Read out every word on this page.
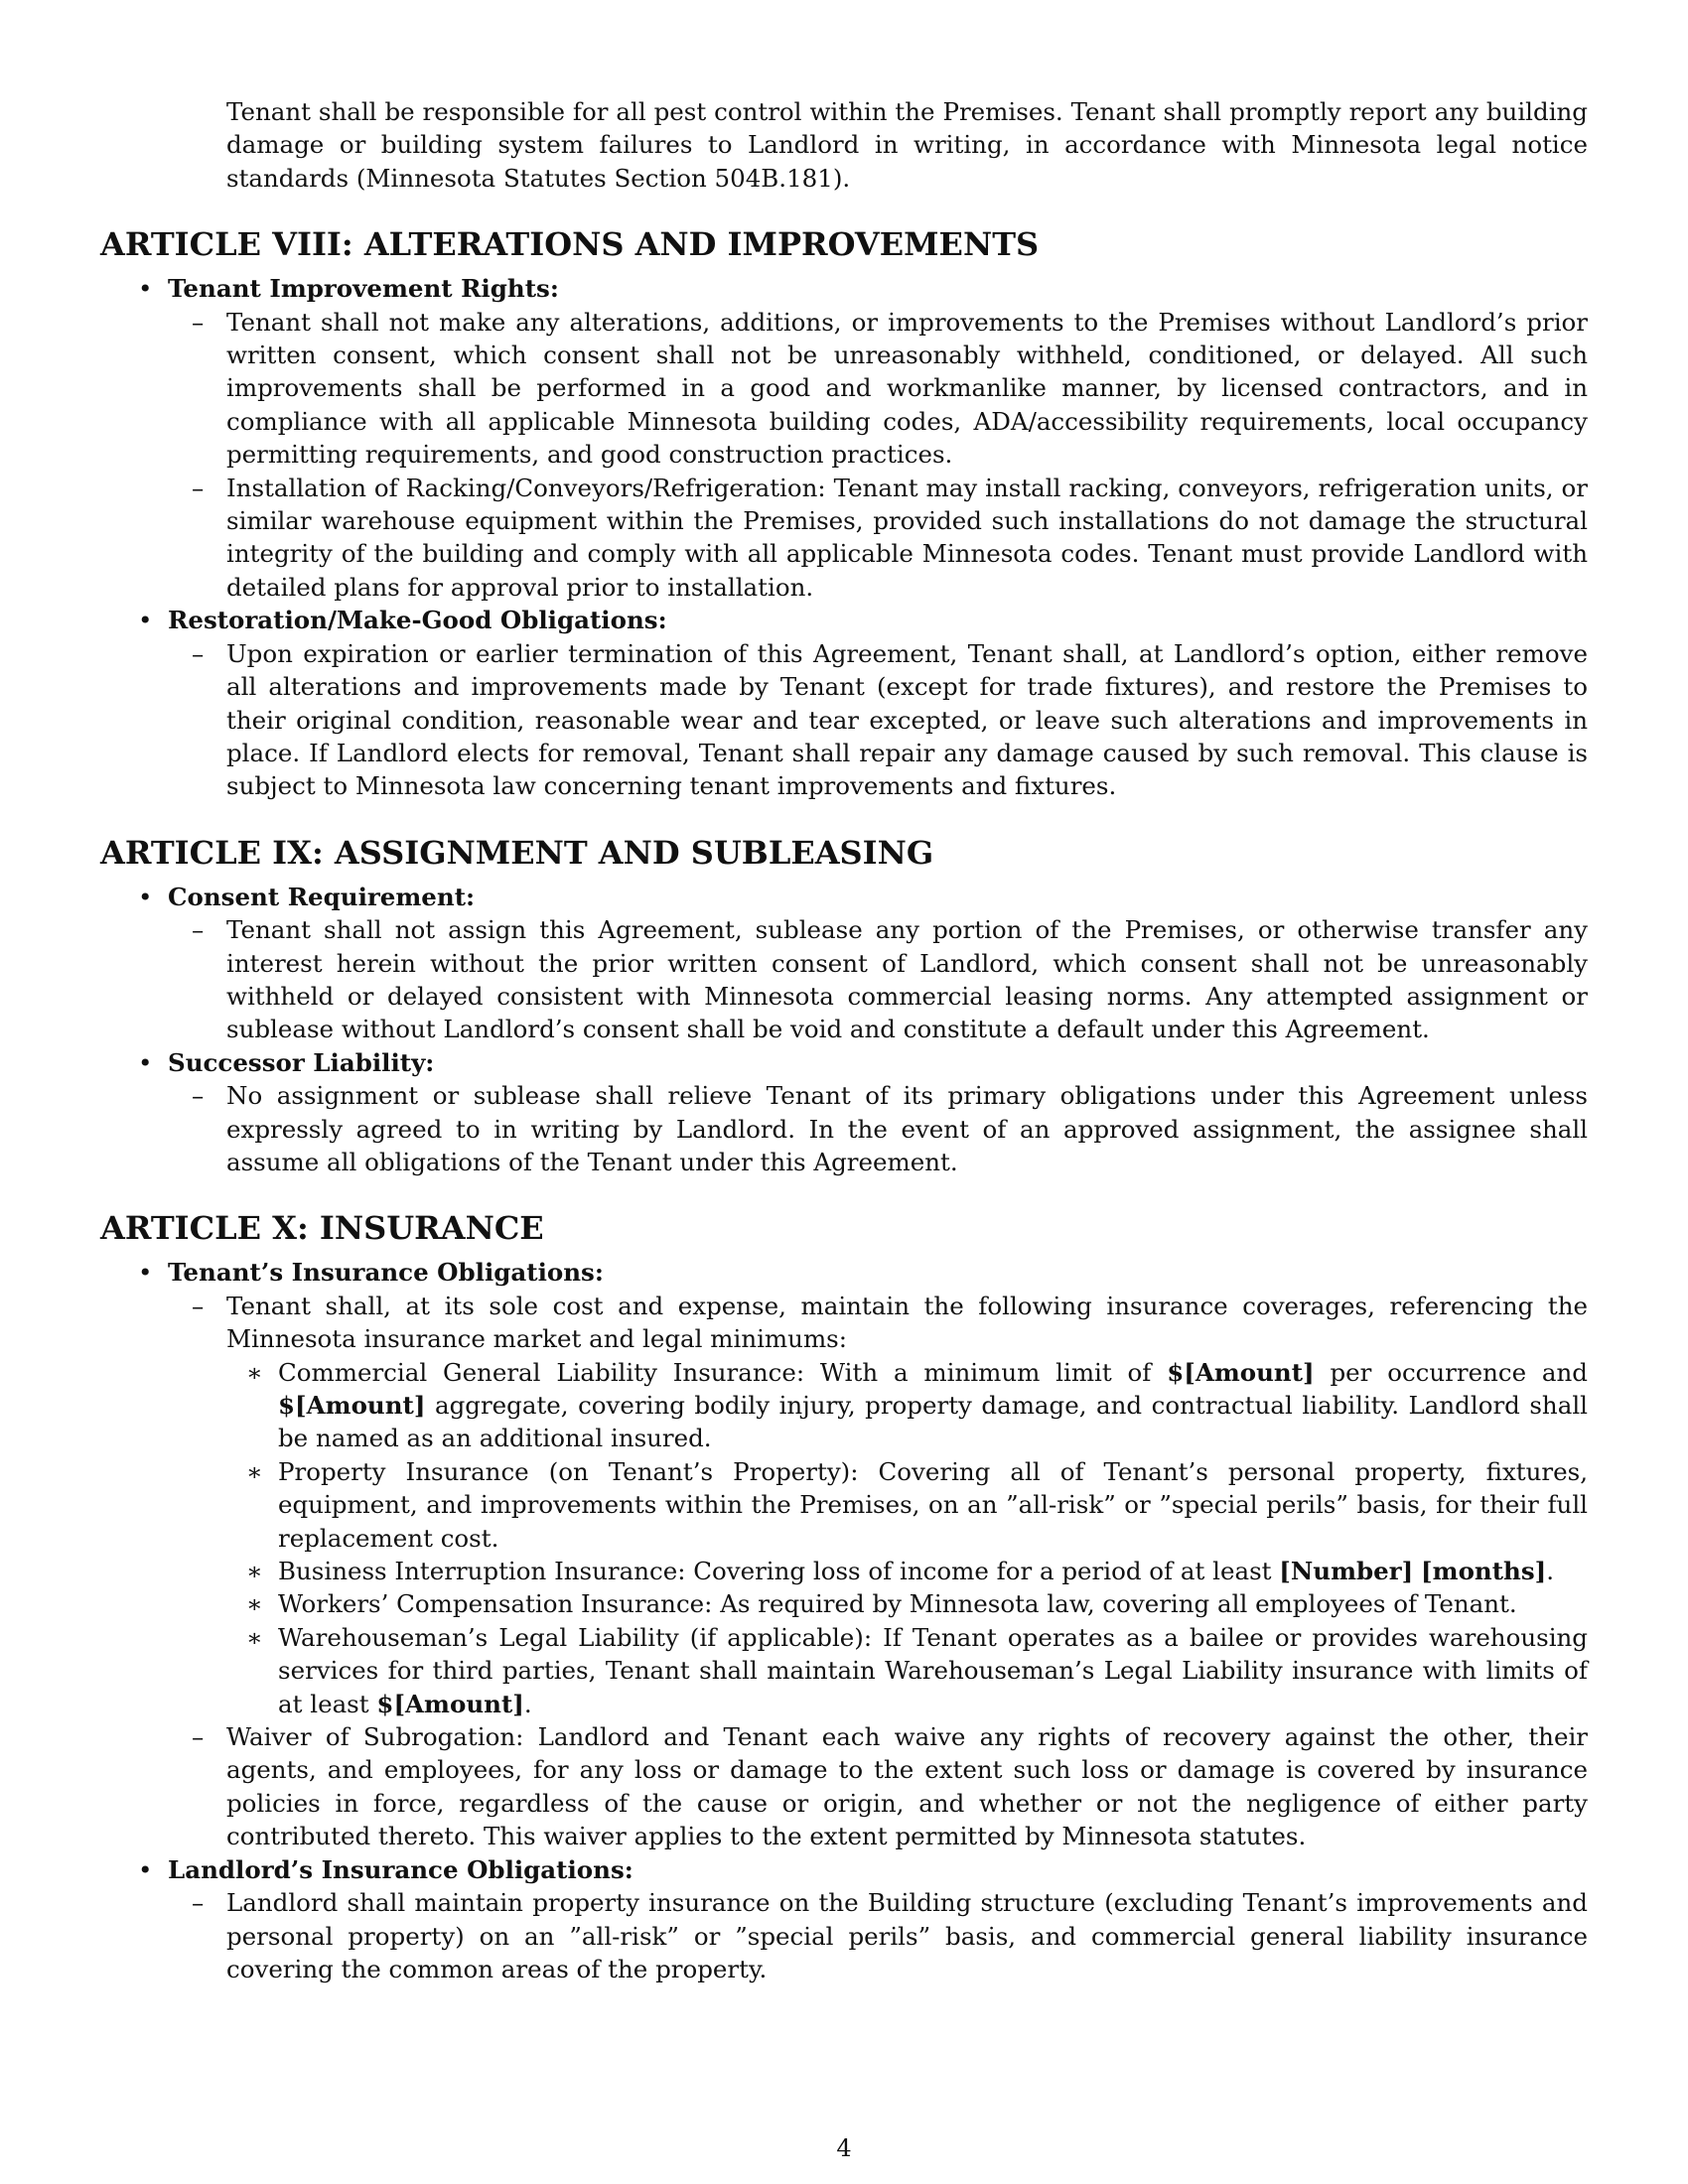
Tenant shall be responsible for all pest control within the Premises. Tenant shall promptly report any building damage or building system failures to Landlord in writing, in accordance with Minnesota legal notice standards (Minnesota Statutes Section 504B.181).

ARTICLE VIII: ALTERATIONS AND IMPROVEMENTS
• Tenant Improvement Rights:
– Tenant shall not make any alterations, additions, or improvements to the Premises without Landlord’s prior written consent, which consent shall not be unreasonably withheld, conditioned, or delayed. All such improvements shall be performed in a good and workmanlike manner, by licensed contractors, and in compliance with all applicable Minnesota building codes, ADA/accessibility requirements, local occupancy permitting requirements, and good construction practices.
– Installation of Racking/Conveyors/Refrigeration: Tenant may install racking, conveyors, refrigeration units, or similar warehouse equipment within the Premises, provided such installations do not damage the structural integrity of the building and comply with all applicable Minnesota codes. Tenant must provide Landlord with detailed plans for approval prior to installation.
• Restoration/Make-Good Obligations:
– Upon expiration or earlier termination of this Agreement, Tenant shall, at Landlord’s option, either remove all alterations and improvements made by Tenant (except for trade fixtures), and restore the Premises to their original condition, reasonable wear and tear excepted, or leave such alterations and improvements in place. If Landlord elects for removal, Tenant shall repair any damage caused by such removal. This clause is subject to Minnesota law concerning tenant improvements and fixtures.
ARTICLE IX: ASSIGNMENT AND SUBLEASING
• Consent Requirement:
– Tenant shall not assign this Agreement, sublease any portion of the Premises, or otherwise transfer any interest herein without the prior written consent of Landlord, which consent shall not be unreasonably withheld or delayed consistent with Minnesota commercial leasing norms. Any attempted assignment or sublease without Landlord’s consent shall be void and constitute a default under this Agreement.
• Successor Liability:
– No assignment or sublease shall relieve Tenant of its primary obligations under this Agreement unless expressly agreed to in writing by Landlord. In the event of an approved assignment, the assignee shall assume all obligations of the Tenant under this Agreement.
ARTICLE X: INSURANCE
• Tenant’s Insurance Obligations:
– Tenant shall, at its sole cost and expense, maintain the following insurance coverages, referencing the Minnesota insurance market and legal minimums:
∗ Commercial General Liability Insurance: With a minimum limit of $[Amount] per occurrence and $[Amount] aggregate, covering bodily injury, property damage, and contractual liability. Landlord shall be named as an additional insured.
∗ Property Insurance (on Tenant’s Property): Covering all of Tenant’s personal property, fixtures, equipment, and improvements within the Premises, on an ”all-risk” or ”special perils” basis, for their full replacement cost.
∗ Business Interruption Insurance: Covering loss of income for a period of at least [Number] [months].
∗ Workers’ Compensation Insurance: As required by Minnesota law, covering all employees of Tenant.
∗ Warehouseman’s Legal Liability (if applicable): If Tenant operates as a bailee or provides warehousing services for third parties, Tenant shall maintain Warehouseman’s Legal Liability insurance with limits of at least $[Amount].
– Waiver of Subrogation: Landlord and Tenant each waive any rights of recovery against the other, their agents, and employees, for any loss or damage to the extent such loss or damage is covered by insurance policies in force, regardless of the cause or origin, and whether or not the negligence of either party contributed thereto. This waiver applies to the extent permitted by Minnesota statutes.
• Landlord’s Insurance Obligations:
– Landlord shall maintain property insurance on the Building structure (excluding Tenant’s improvements and personal property) on an ”all-risk” or ”special perils” basis, and commercial general liability insurance covering the common areas of the property.
4
